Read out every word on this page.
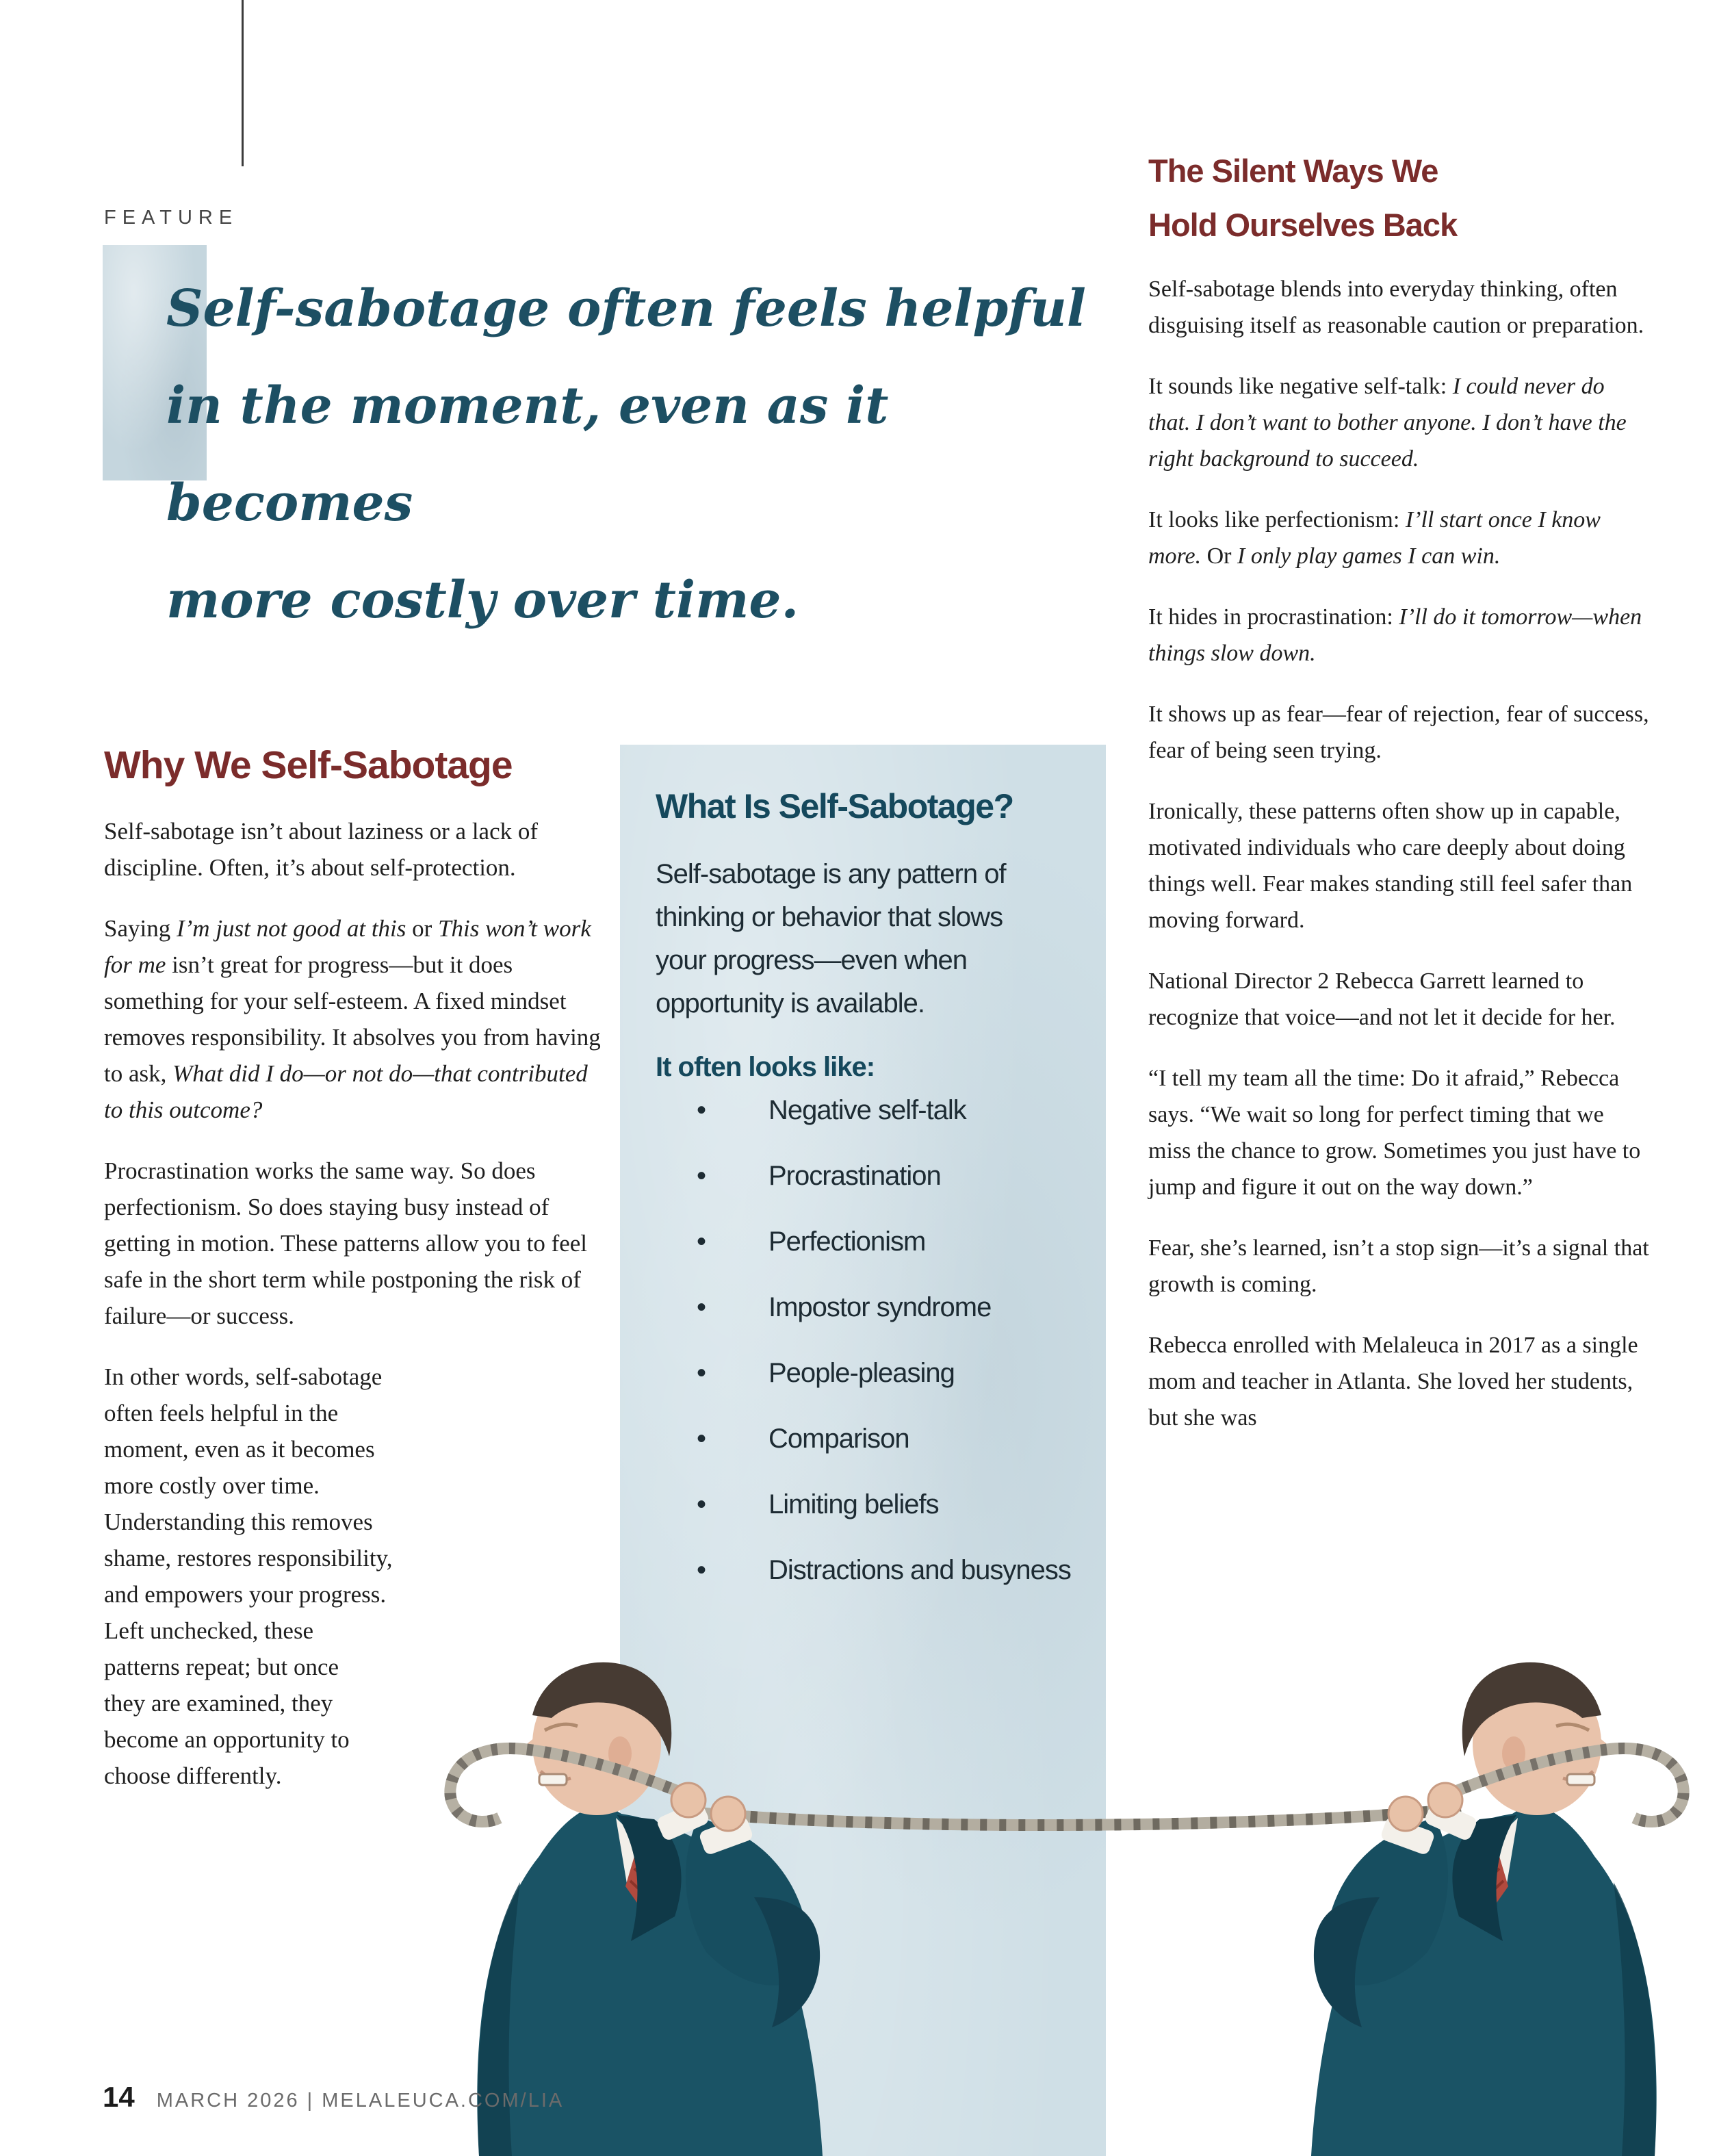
FEATURE
Self-sabotage often feels helpful
in the moment, even as it becomes
more costly over time.
What Is Self-Sabotage?
Self-sabotage is any pattern of
thinking or behavior that slows
your progress—even when
opportunity is available.
It often looks like:
• Negative self-talk
• Procrastination
• Perfectionism
• Impostor syndrome
• People-pleasing
• Comparison
• Limiting beliefs
• Distractions and busyness
Why We Self-Sabotage

Self-sabotage isn’t about laziness or a lack of discipline. Often, it’s about self-protection.

Saying I’m just not good at this or This won’t work for me isn’t great for progress—but it does something for your self-esteem. A fixed mindset removes responsibility. It absolves you from having to ask, What did I do—or not do—that contributed to this outcome?

Procrastination works the same way. So does perfectionism. So does staying busy instead of getting in motion. These patterns allow you to feel safe in the short term while postponing the risk of failure—or success.

In other words, self-sabotage often feels helpful in the moment, even as it becomes more costly over time. Understanding this removes shame, restores responsibility, and empowers your progress. Left unchecked, these patterns repeat; but once they are examined, they become an opportunity to choose differently.

The Silent Ways We
Hold Ourselves Back

Self-sabotage blends into everyday thinking, often disguising itself as reasonable caution or preparation.

It sounds like negative self-talk: I could never do that. I don’t want to bother anyone. I don’t have the right background to succeed.

It looks like perfectionism: I’ll start once I know more. Or I only play games I can win.

It hides in procrastination: I’ll do it tomorrow—when things slow down.

It shows up as fear—fear of rejection, fear of success, fear of being seen trying.

Ironically, these patterns often show up in capable, motivated individuals who care deeply about doing things well. Fear makes standing still feel safer than moving forward.

National Director 2 Rebecca Garrett learned to recognize that voice—and not let it decide for her.

“I tell my team all the time: Do it afraid,” Rebecca says. “We wait so long for perfect timing that we miss the chance to grow. Sometimes you just have to jump and figure it out on the way down.”

Fear, she’s learned, isn’t a stop sign—it’s a signal that growth is coming.

Rebecca enrolled with Melaleuca in 2017 as a single mom and teacher in Atlanta. She loved her students, but she was

14 MARCH 2026 | MELALEUCA.COM/LIA
